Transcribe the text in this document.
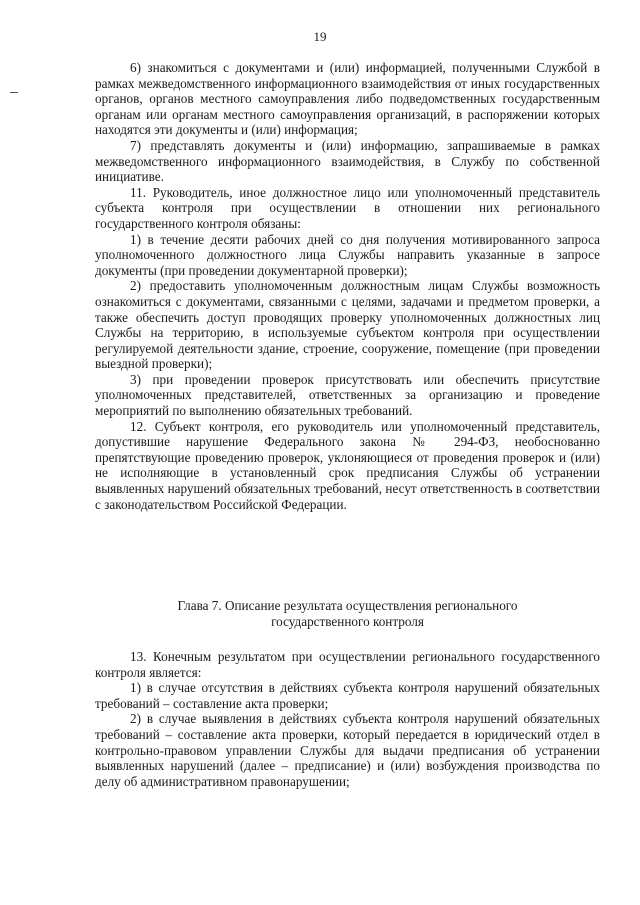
19

6) знакомиться с документами и (или) информацией, полученными Службой в рамках межведомственного информационного взаимодействия от иных государственных органов, органов местного самоуправления либо подведомственных государственным органам или органам местного самоуправления организаций, в распоряжении которых находятся эти документы и (или) информация;

7) представлять документы и (или) информацию, запрашиваемые в рамках межведомственного информационного взаимодействия, в Службу по собственной инициативе.

11. Руководитель, иное должностное лицо или уполномоченный представитель субъекта контроля при осуществлении в отношении них регионального государственного контроля обязаны:

1) в течение десяти рабочих дней со дня получения мотивированного запроса уполномоченного должностного лица Службы направить указанные в запросе документы (при проведении документарной проверки);

2) предоставить уполномоченным должностным лицам Службы возможность ознакомиться с документами, связанными с целями, задачами и предметом проверки, а также обеспечить доступ проводящих проверку уполномоченных должностных лиц Службы на территорию, в используемые субъектом контроля при осуществлении регулируемой деятельности здание, строение, сооружение, помещение (при проведении выездной проверки);

3) при проведении проверок присутствовать или обеспечить присутствие уполномоченных представителей, ответственных за организацию и проведение мероприятий по выполнению обязательных требований.

12. Субъект контроля, его руководитель или уполномоченный представитель, допустившие нарушение Федерального закона № 294-ФЗ, необоснованно препятствующие проведению проверок, уклоняющиеся от проведения проверок и (или) не исполняющие в установленный срок предписания Службы об устранении выявленных нарушений обязательных требований, несут ответственность в соответствии с законодательством Российской Федерации.

Глава 7. Описание результата осуществления регионального

государственного контроля

13. Конечным результатом при осуществлении регионального государственного контроля является:

1) в случае отсутствия в действиях субъекта контроля нарушений обязательных требований – составление акта проверки;

2) в случае выявления в действиях субъекта контроля нарушений обязательных требований – составление акта проверки, который передается в юридический отдел в контрольно-правовом управлении Службы для выдачи предписания об устранении выявленных нарушений (далее – предписание) и (или) возбуждения производства по делу об административном правонарушении;
